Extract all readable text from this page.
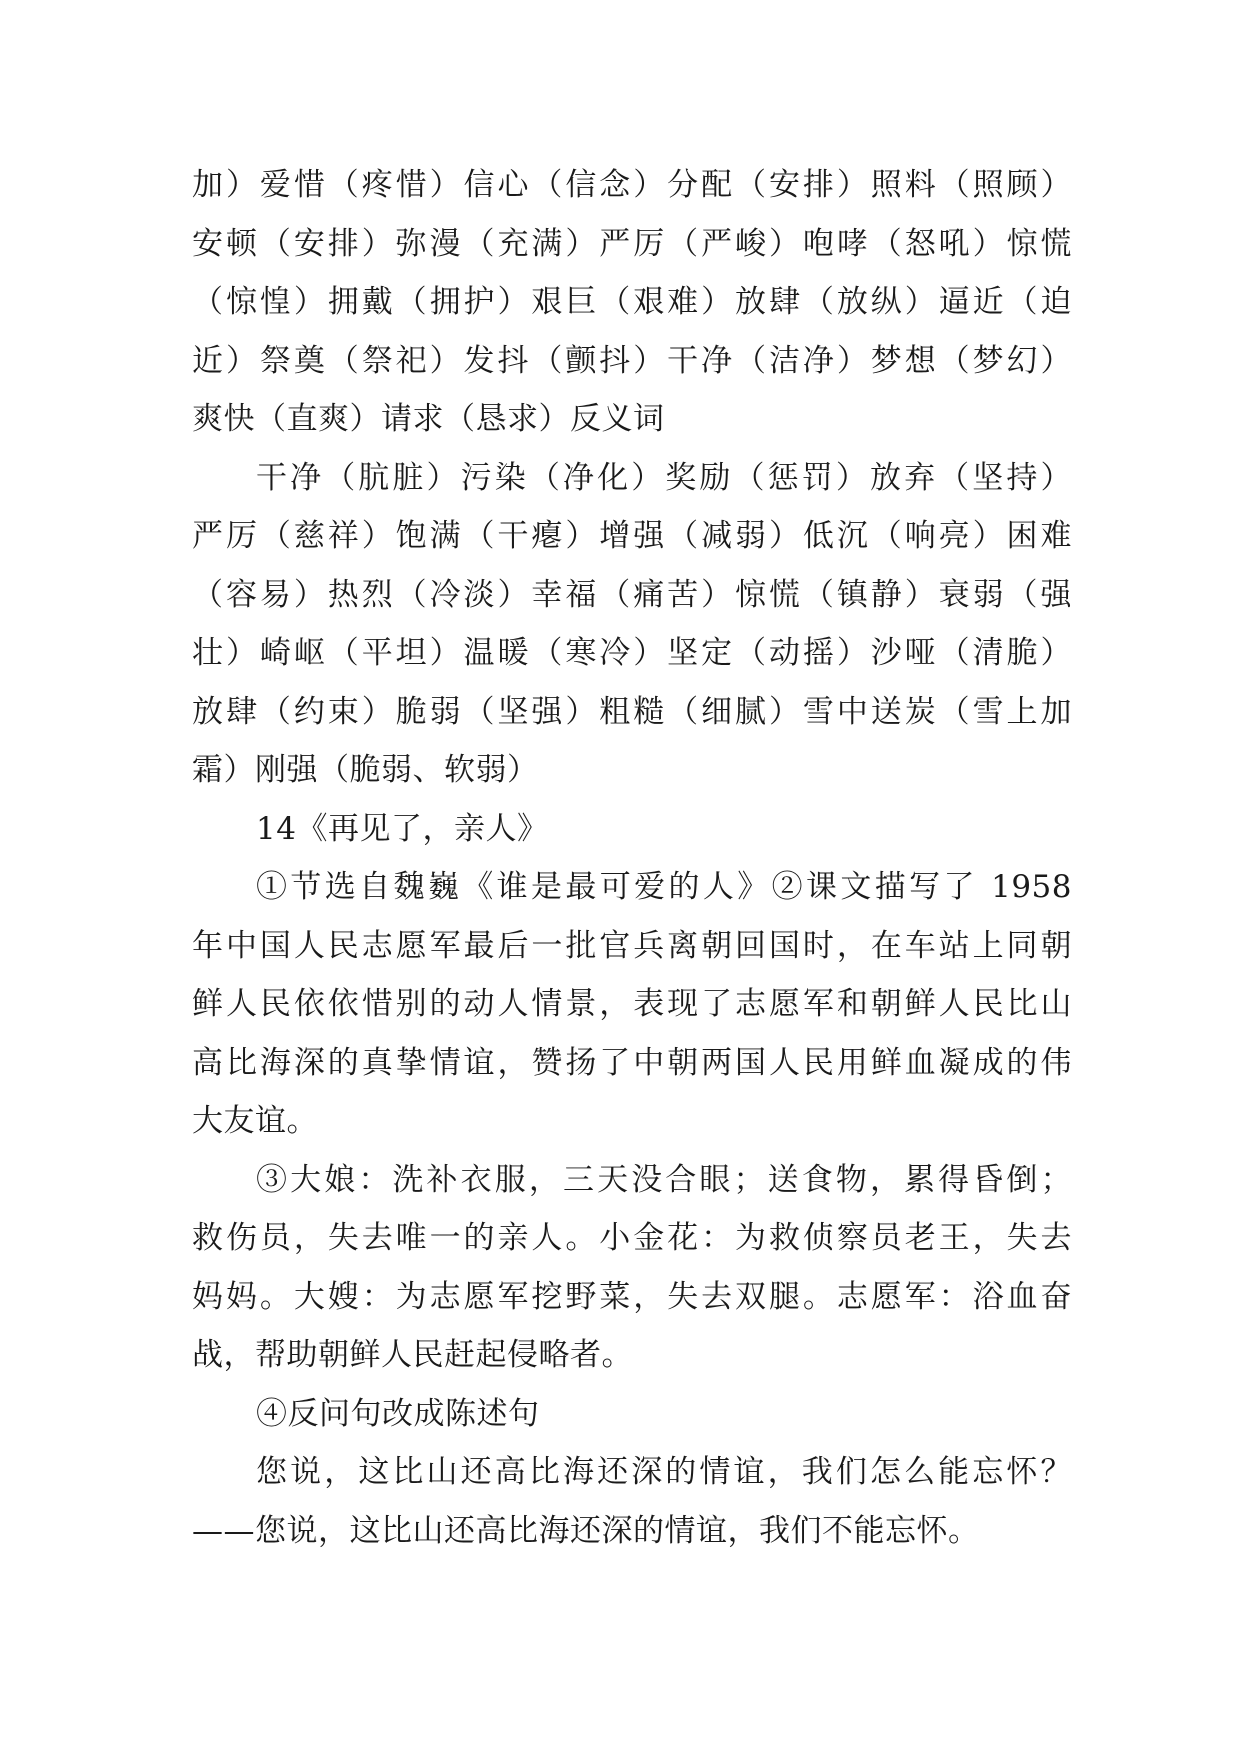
加）爱惜（疼惜）信心（信念）分配（安排）照料（照顾）
安顿（安排）弥漫（充满）严厉（严峻）咆哮（怒吼）惊慌
（惊惶）拥戴（拥护）艰巨（艰难）放肆（放纵）逼近（迫
近）祭奠（祭祀）发抖（颤抖）干净（洁净）梦想（梦幻）
爽快（直爽）请求（恳求）反义词
干净（肮脏）污染（净化）奖励（惩罚）放弃（坚持）
严厉（慈祥）饱满（干瘪）增强（减弱）低沉（响亮）困难
（容易）热烈（冷淡）幸福（痛苦）惊慌（镇静）衰弱（强
壮）崎岖（平坦）温暖（寒冷）坚定（动摇）沙哑（清脆）
放肆（约束）脆弱（坚强）粗糙（细腻）雪中送炭（雪上加
霜）刚强（脆弱、软弱）
14《再见了，亲人》
①节选自魏巍《谁是最可爱的人》②课文描写了 1958
年中国人民志愿军最后一批官兵离朝回国时，在车站上同朝
鲜人民依依惜别的动人情景，表现了志愿军和朝鲜人民比山
高比海深的真挚情谊，赞扬了中朝两国人民用鲜血凝成的伟
大友谊。
③大娘：洗补衣服，三天没合眼；送食物，累得昏倒；
救伤员，失去唯一的亲人。小金花：为救侦察员老王，失去
妈妈。大嫂：为志愿军挖野菜，失去双腿。志愿军：浴血奋
战，帮助朝鲜人民赶起侵略者。
④反问句改成陈述句
您说，这比山还高比海还深的情谊，我们怎么能忘怀？
——您说，这比山还高比海还深的情谊，我们不能忘怀。
